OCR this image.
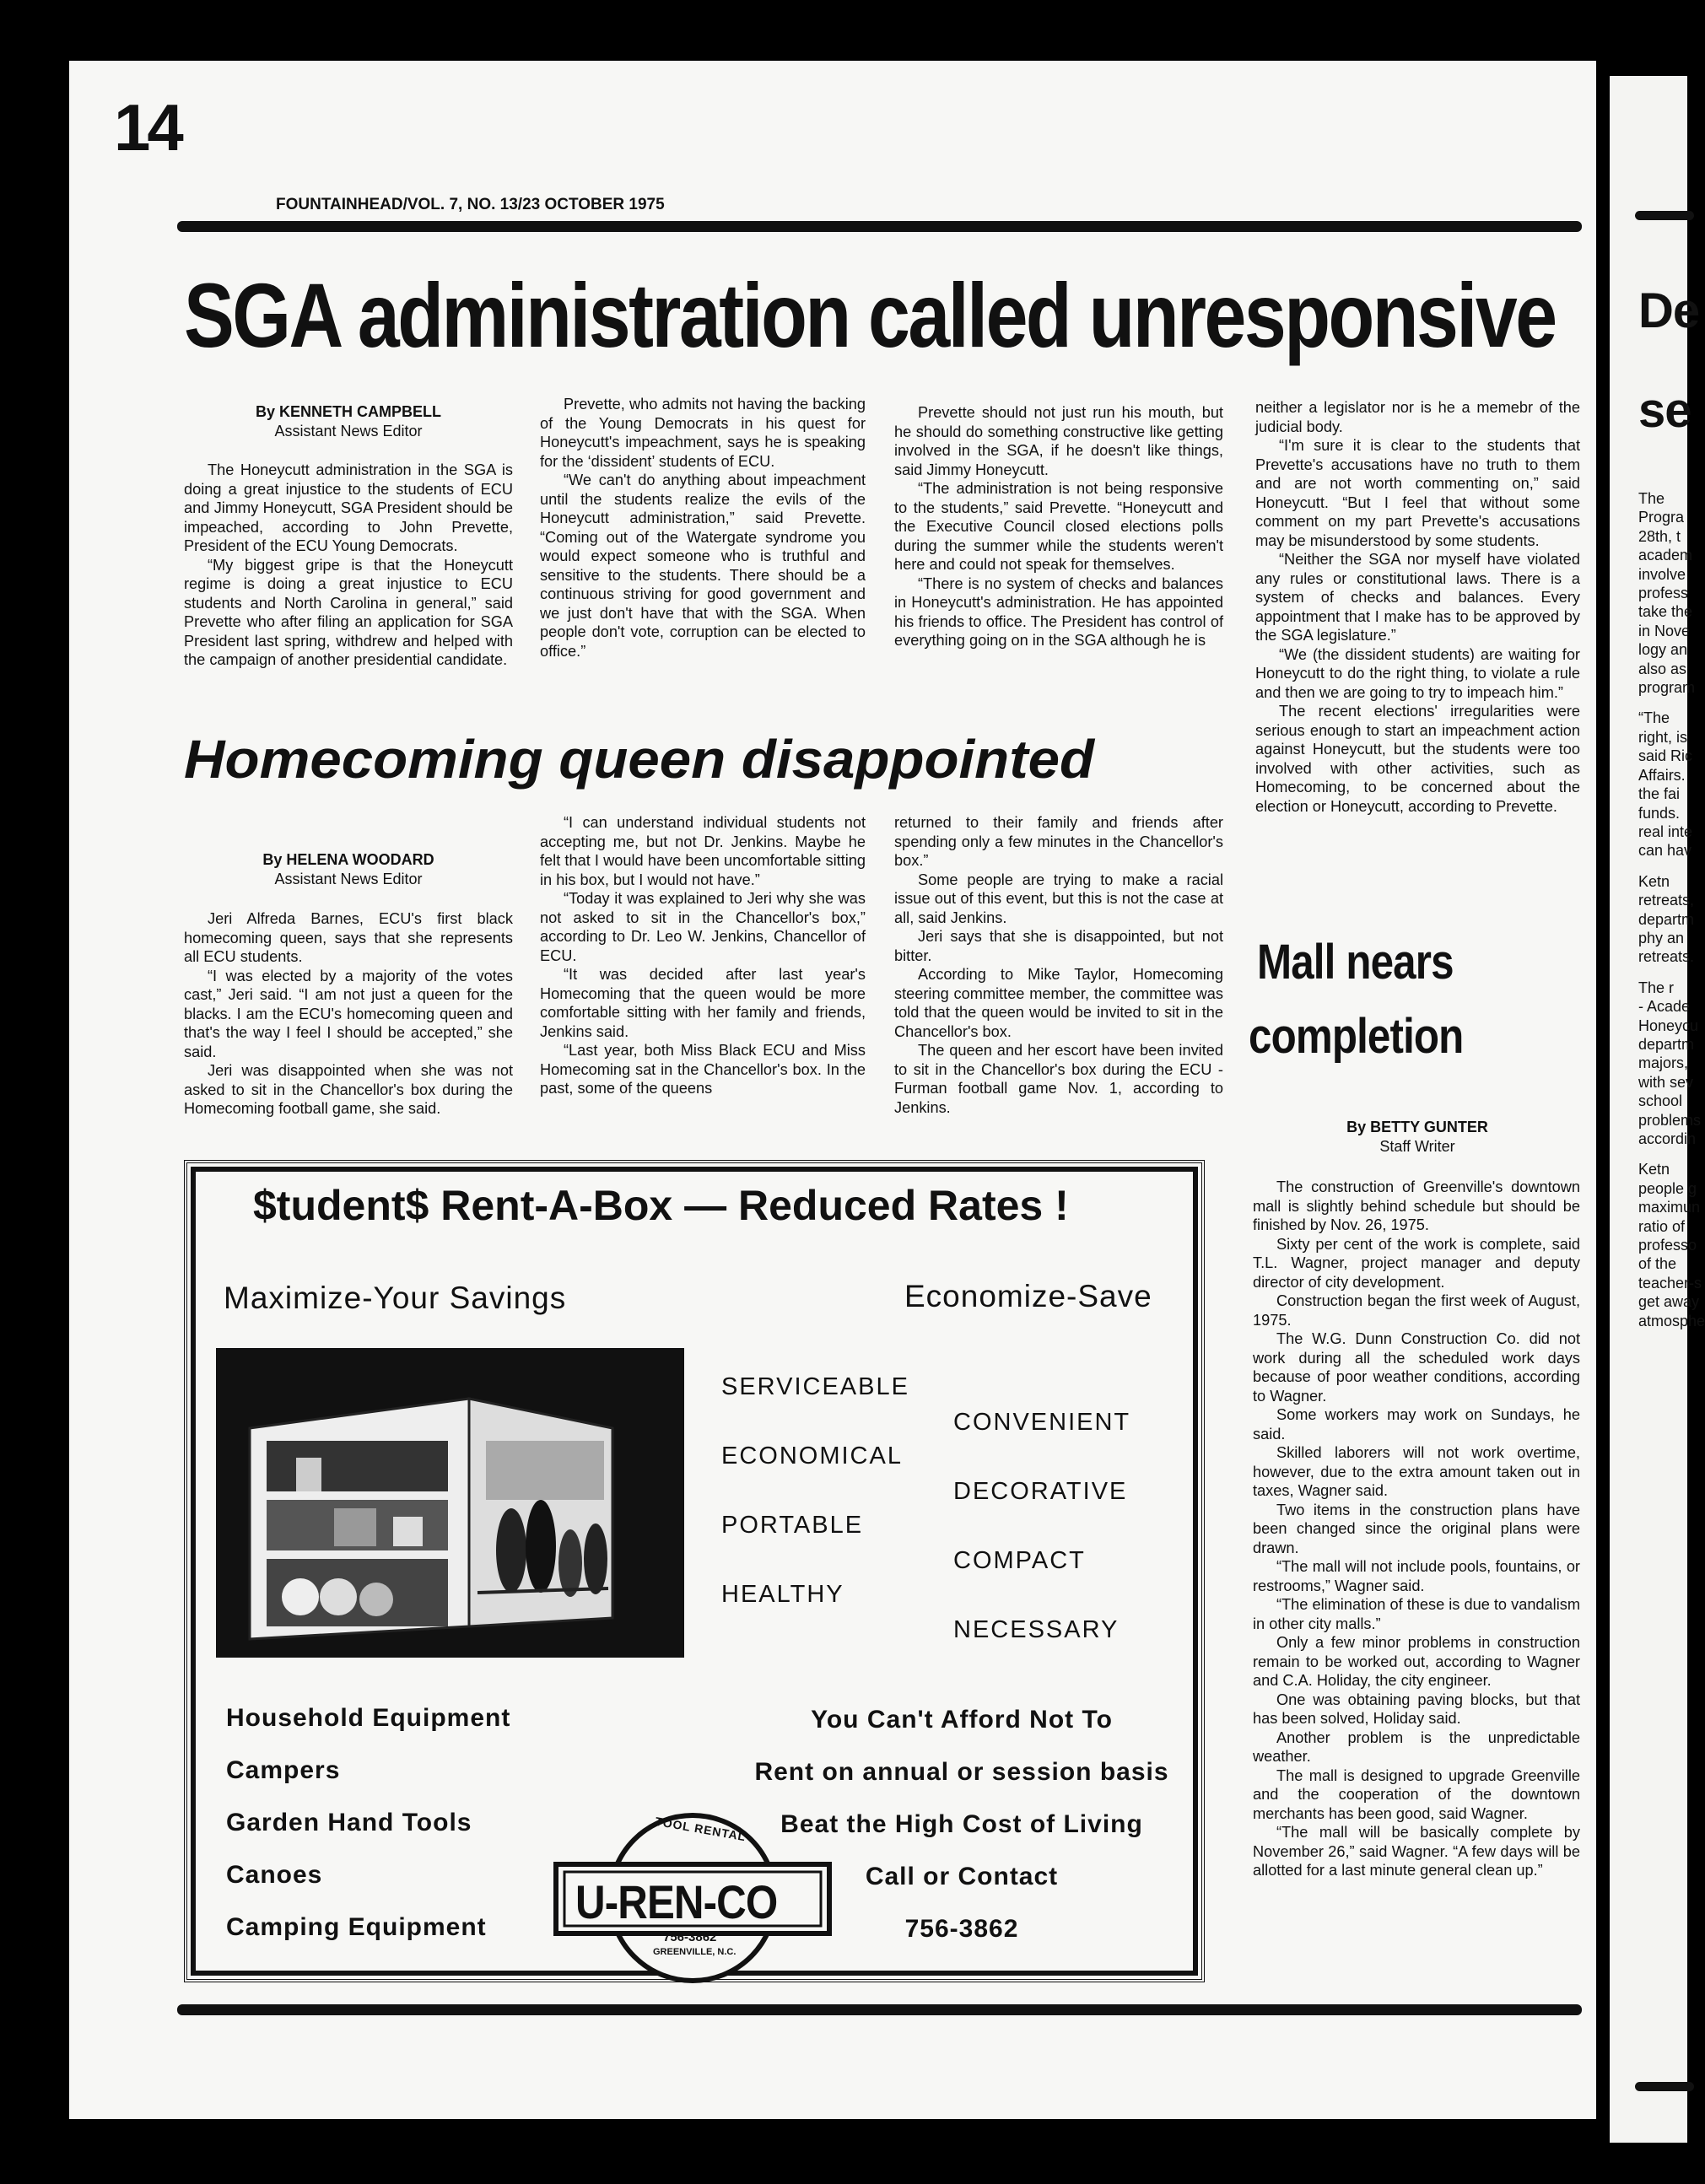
De
se
The
Progra
28th, t
academ
involve
profess
take the
in Nove
logy an
also as
program
“The
right, is
said Ric
Affairs.
the fai
funds.
real inte
can hav
Ketn
retreats,
departm
phy an
retreats.
The r
- Acade
Honeycu
departm
majors,
with sev
school
problems
accordin
Ketn
people g
maximun
ratio of
professo
of the
teacher-s
get away
atmosphe
14
FOUNTAINHEAD/VOL. 7, NO. 13/23 OCTOBER 1975
SGA administration called unresponsive
By KENNETH CAMPBELL
Assistant News Editor

The Honeycutt administration in the SGA is doing a great injustice to the students of ECU and Jimmy Honeycutt, SGA President should be impeached, according to John Prevette, President of the ECU Young Democrats.

“My biggest gripe is that the Honeycutt regime is doing a great injustice to ECU students and North Carolina in general,” said Prevette who after filing an application for SGA President last spring, withdrew and helped with the campaign of another presidential candidate.

Prevette, who admits not having the backing of the Young Democrats in his quest for Honeycutt's impeachment, says he is speaking for the ‘dissident’ students of ECU.

“We can't do anything about impeachment until the students realize the evils of the Honeycutt administration,” said Prevette. “Coming out of the Watergate syndrome you would expect someone who is truthful and sensitive to the students. There should be a continuous striving for good government and we just don't have that with the SGA. When people don't vote, corruption can be elected to office.”

Prevette should not just run his mouth, but he should do something constructive like getting involved in the SGA, if he doesn't like things, said Jimmy Honeycutt.

“The administration is not being responsive to the students,” said Prevette. “Honeycutt and the Executive Council closed elections polls during the summer while the students weren't here and could not speak for themselves.

“There is no system of checks and balances in Honeycutt's administration. He has appointed his friends to office. The President has control of everything going on in the SGA although he is

neither a legislator nor is he a memebr of the judicial body.

“I'm sure it is clear to the students that Prevette's accusations have no truth to them and are not worth commenting on,” said Honeycutt. “But I feel that without some comment on my part Prevette's accusations may be misunderstood by some students.

“Neither the SGA nor myself have violated any rules or constitutional laws. There is a system of checks and balances. Every appointment that I make has to be approved by the SGA legislature.”

“We (the dissident students) are waiting for Honeycutt to do the right thing, to violate a rule and then we are going to try to impeach him.”

The recent elections' irregularities were serious enough to start an impeachment action against Honeycutt, but the students were too involved with other activities, such as Homecoming, to be concerned about the election or Honeycutt, according to Prevette.

Homecoming queen disappointed
By HELENA WOODARD
Assistant News Editor

Jeri Alfreda Barnes, ECU's first black homecoming queen, says that she represents all ECU students.

“I was elected by a majority of the votes cast,” Jeri said. “I am not just a queen for the blacks. I am the ECU's homecoming queen and that's the way I feel I should be accepted,” she said.

Jeri was disappointed when she was not asked to sit in the Chancellor's box during the Homecoming football game, she said.

“I can understand individual students not accepting me, but not Dr. Jenkins. Maybe he felt that I would have been uncomfortable sitting in his box, but I would not have.”

“Today it was explained to Jeri why she was not asked to sit in the Chancellor's box,” according to Dr. Leo W. Jenkins, Chancellor of ECU.

“It was decided after last year's Homecoming that the queen would be more comfortable sitting with her family and friends, Jenkins said.

“Last year, both Miss Black ECU and Miss Homecoming sat in the Chancellor's box. In the past, some of the queens

returned to their family and friends after spending only a few minutes in the Chancellor's box.”

Some people are trying to make a racial issue out of this event, but this is not the case at all, said Jenkins.

Jeri says that she is disappointed, but not bitter.

According to Mike Taylor, Homecoming steering committee member, the committee was told that the queen would be invited to sit in the Chancellor's box.

The queen and her escort have been invited to sit in the Chancellor's box during the ECU - Furman football game Nov. 1, according to Jenkins.

Mall nears
completion
By BETTY GUNTER
Staff Writer

The construction of Greenville's downtown mall is slightly behind schedule but should be finished by Nov. 26, 1975.

Sixty per cent of the work is complete, said T.L. Wagner, project manager and deputy director of city development.

Construction began the first week of August, 1975.

The W.G. Dunn Construction Co. did not work during all the scheduled work days because of poor weather conditions, according to Wagner.

Some workers may work on Sundays, he said.

Skilled laborers will not work overtime, however, due to the extra amount taken out in taxes, Wagner said.

Two items in the construction plans have been changed since the original plans were drawn.

“The mall will not include pools, fountains, or restrooms,” Wagner said.

“The elimination of these is due to vandalism in other city malls.”

Only a few minor problems in construction remain to be worked out, according to Wagner and C.A. Holiday, the city engineer.

One was obtaining paving blocks, but that has been solved, Holiday said.

Another problem is the unpredictable weather.

The mall is designed to upgrade Greenville and the cooperation of the downtown merchants has been good, said Wagner.

“The mall will be basically complete by November 26,” said Wagner. “A few days will be allotted for a last minute general clean up.”

$tudent$ Rent-A-Box — Reduced Rates !
Maximize-Your Savings	Economize-Save
SERVICEABLE
ECONOMICAL
PORTABLE
HEALTHY
CONVENIENT
DECORATIVE
COMPACT
NECESSARY
Household Equipment
Campers
Garden Hand Tools
Canoes
Camping Equipment
You Can't Afford Not To
Rent on annual or session basis
Beat the High Cost of Living
Call or Contact
756-3862
TOOL RENTAL
U-REN-CO
756-3862
GREENVILLE, N.C.
